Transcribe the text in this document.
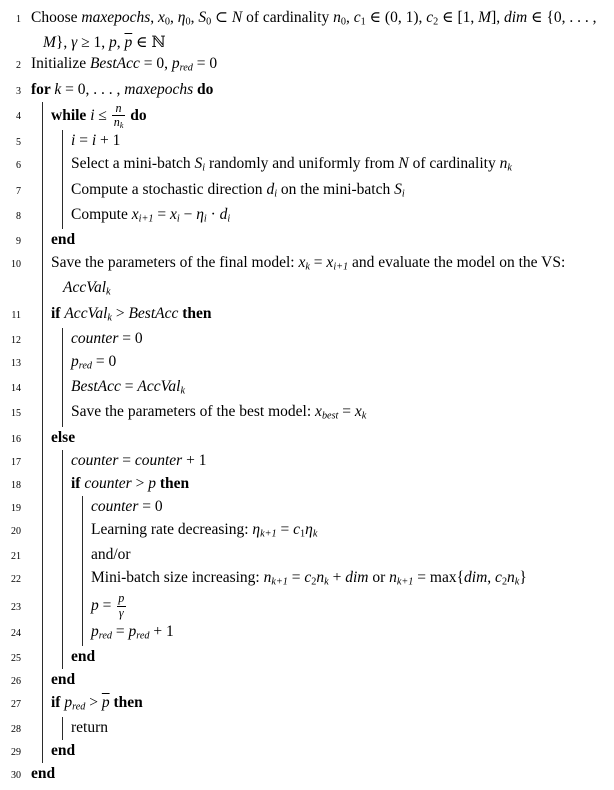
1 Choose maxepochs, x0, η0, S0 ⊂ N of cardinality n0, c1 ∈ (0, 1), c2 ∈ [1, M], dim ∈ {0, . . . , M}, γ ≥ 1, p, $\overline{p}$ ∈ ℕ
2 Initialize BestAcc = 0, pred = 0
3 for k = 0, . . . , maxepochs do
4 while $i \le \frac{n}{nk}$ do
5	i = i + 1
6	Select a mini-batch Si randomly and uniformly from N of cardinality nk
7	Compute a stochastic direction di on the mini-batch Si
8	Compute xi+1 = xi − ηi · di
9 end
10 Save the parameters of the final model: xk = xi+1 and evaluate the model on the VS: AccValk
11 if AccValk > BestAcc then
12	counter = 0
13	pred = 0
14	BestAcc = AccValk
15	Save the parameters of the best model: xbest = xk
16 else
17	counter = counter + 1
18	if counter > p then
19	counter = 0
20	Learning rate decreasing: ηk+1 = c1ηk
21	and/or
22	Mini-batch size increasing: nk+1 = c2nk + dim or nk+1 = max{dim, c2nk}
23	$p = \frac{p}{\gamma}$
24	pred = pred + 1
25	end
26 end
27 if pred > $\overline{p}$ then
28	return
29 end
30 end
